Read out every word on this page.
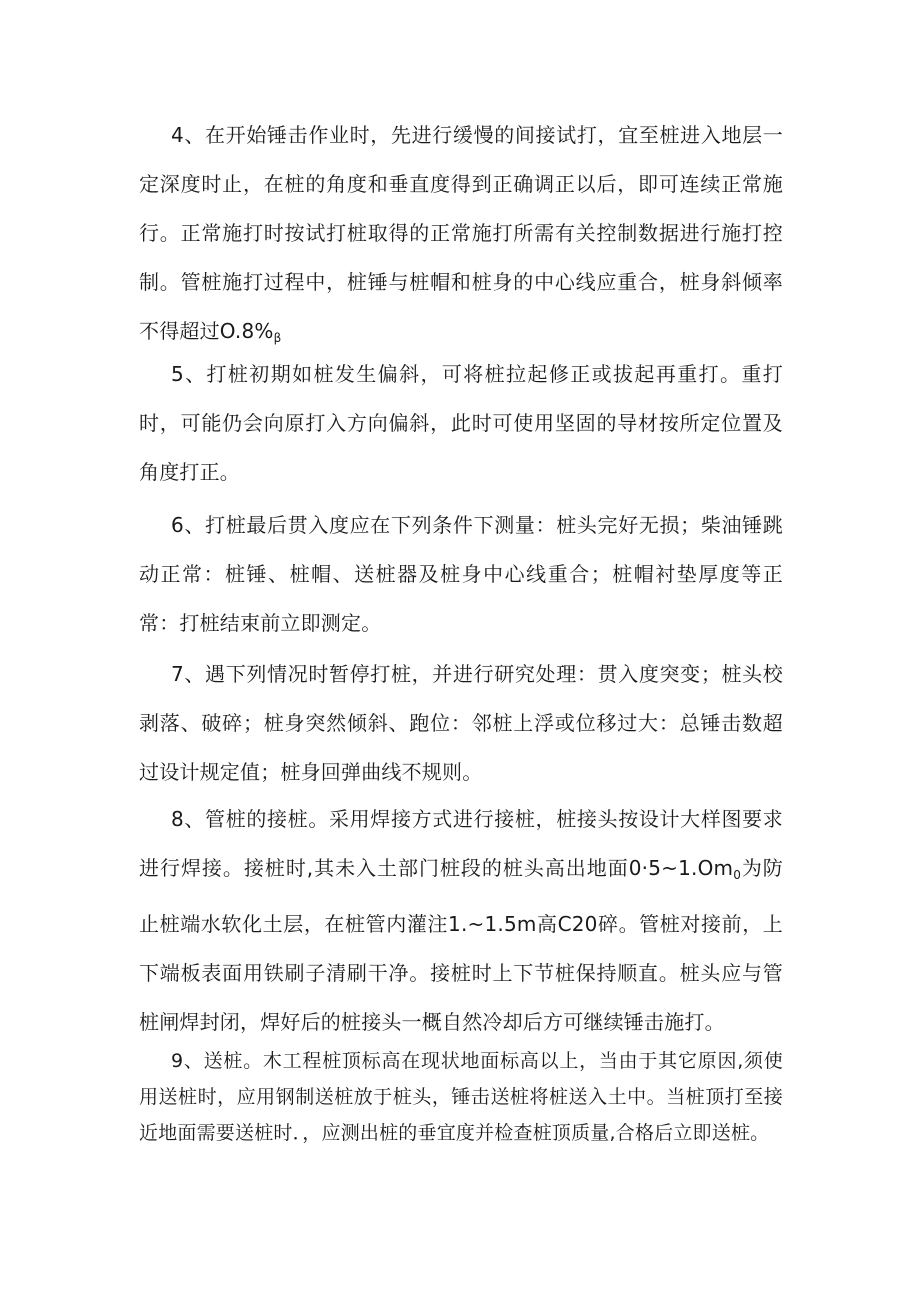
4、在开始锤击作业时，先进行缓慢的间接试打，宜至桩进入地层一定深度时止，在桩的角度和垂直度得到正确调正以后，即可连续正常施行。正常施打时按试打桩取得的正常施打所需有关控制数据进行施打控制。管桩施打过程中，桩锤与桩帽和桩身的中心线应重合，桩身斜倾率不得超过$O.8\%_\beta$

5、打桩初期如桩发生偏斜，可将桩拉起修正或拔起再重打。重打时，可能仍会向原打入方向偏斜，此时可使用坚固的导材按所定位置及角度打正。

6、打桩最后贯入度应在下列条件下测量：桩头完好无损；柴油锤跳动正常：桩锤、桩帽、送桩器及桩身中心线重合；桩帽衬垫厚度等正常：打桩结束前立即测定。

7、遇下列情况时暂停打桩，并进行研究处理：贯入度突变；桩头校剥落、破碎；桩身突然倾斜、跑位：邻桩上浮或位移过大：总锤击数超过设计规定值；桩身回弹曲线不规则。

8、管桩的接桩。采用焊接方式进行接桩，桩接头按设计大样图要求进行焊接。接桩时,其未入土部门桩段的桩头高出地面$0\cdot 5\sim 1.Om_0$为防止桩端水软化土层，在桩管内灌注1.~1.5m高C20碎。管桩对接前，上下端板表面用铁刷子清刷干净。接桩时上下节桩保持顺直。桩头应与管桩闸焊封闭，焊好后的桩接头一概自然冷却后方可继续锤击施打。

9、送桩。木工程桩顶标高在现状地面标高以上，当由于其它原因,须使用送桩时，应用钢制送桩放于桩头，锤击送桩将桩送入土中。当桩顶打至接近地面需要送桩时．，应测出桩的垂宜度并检查桩顶质量,合格后立即送桩。
